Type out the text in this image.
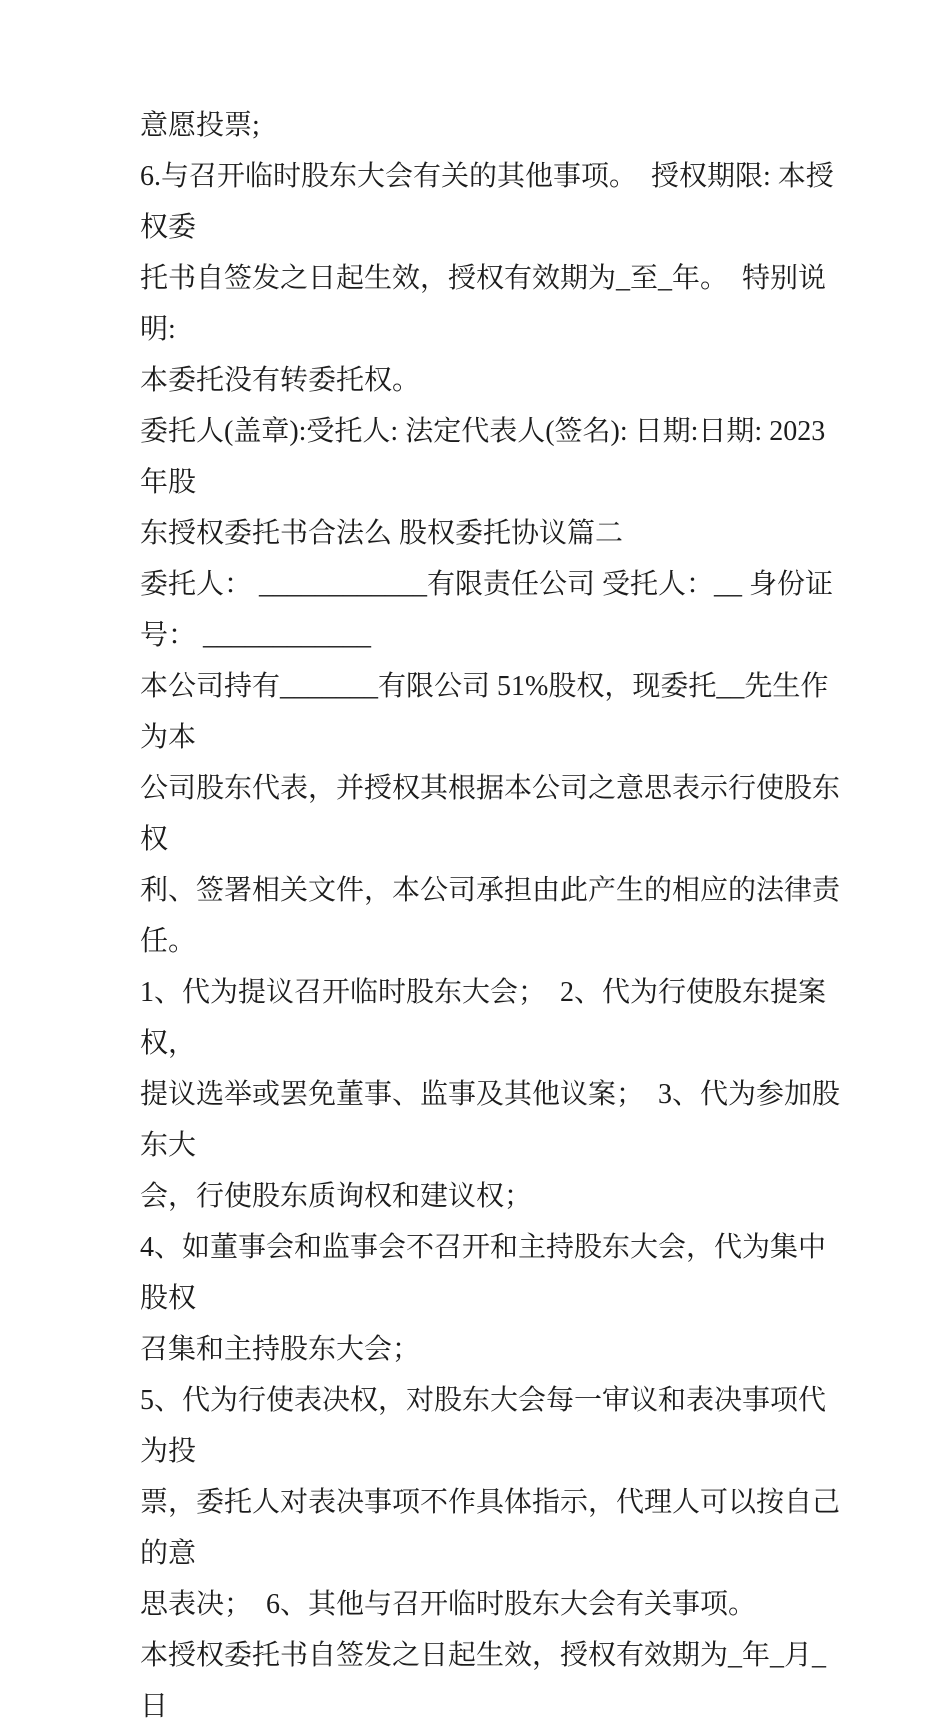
意愿投票;
6.与召开临时股东大会有关的其他事项。  授权期限: 本授权委
托书自签发之日起生效，授权有效期为_至_年。  特别说明:
本委托没有转委托权。
委托人(盖章):受托人: 法定代表人(签名): 日期:日期: 2023 年股
东授权委托书合法么 股权委托协议篇二
委托人： ____________有限责任公司 受托人：__ 身份证
号： ____________
本公司持有_______有限公司 51%股权，现委托__先生作为本
公司股东代表，并授权其根据本公司之意思表示行使股东权
利、签署相关文件，本公司承担由此产生的相应的法律责任。
1、代为提议召开临时股东大会；  2、代为行使股东提案权，
提议选举或罢免董事、监事及其他议案；  3、代为参加股东大
会，行使股东质询权和建议权；
4、如董事会和监事会不召开和主持股东大会，代为集中股权
召集和主持股东大会；
5、代为行使表决权，对股东大会每一审议和表决事项代为投
票，委托人对表决事项不作具体指示，代理人可以按自己的意
思表决；  6、其他与召开临时股东大会有关事项。
本授权委托书自签发之日起生效，授权有效期为_年_月_日
